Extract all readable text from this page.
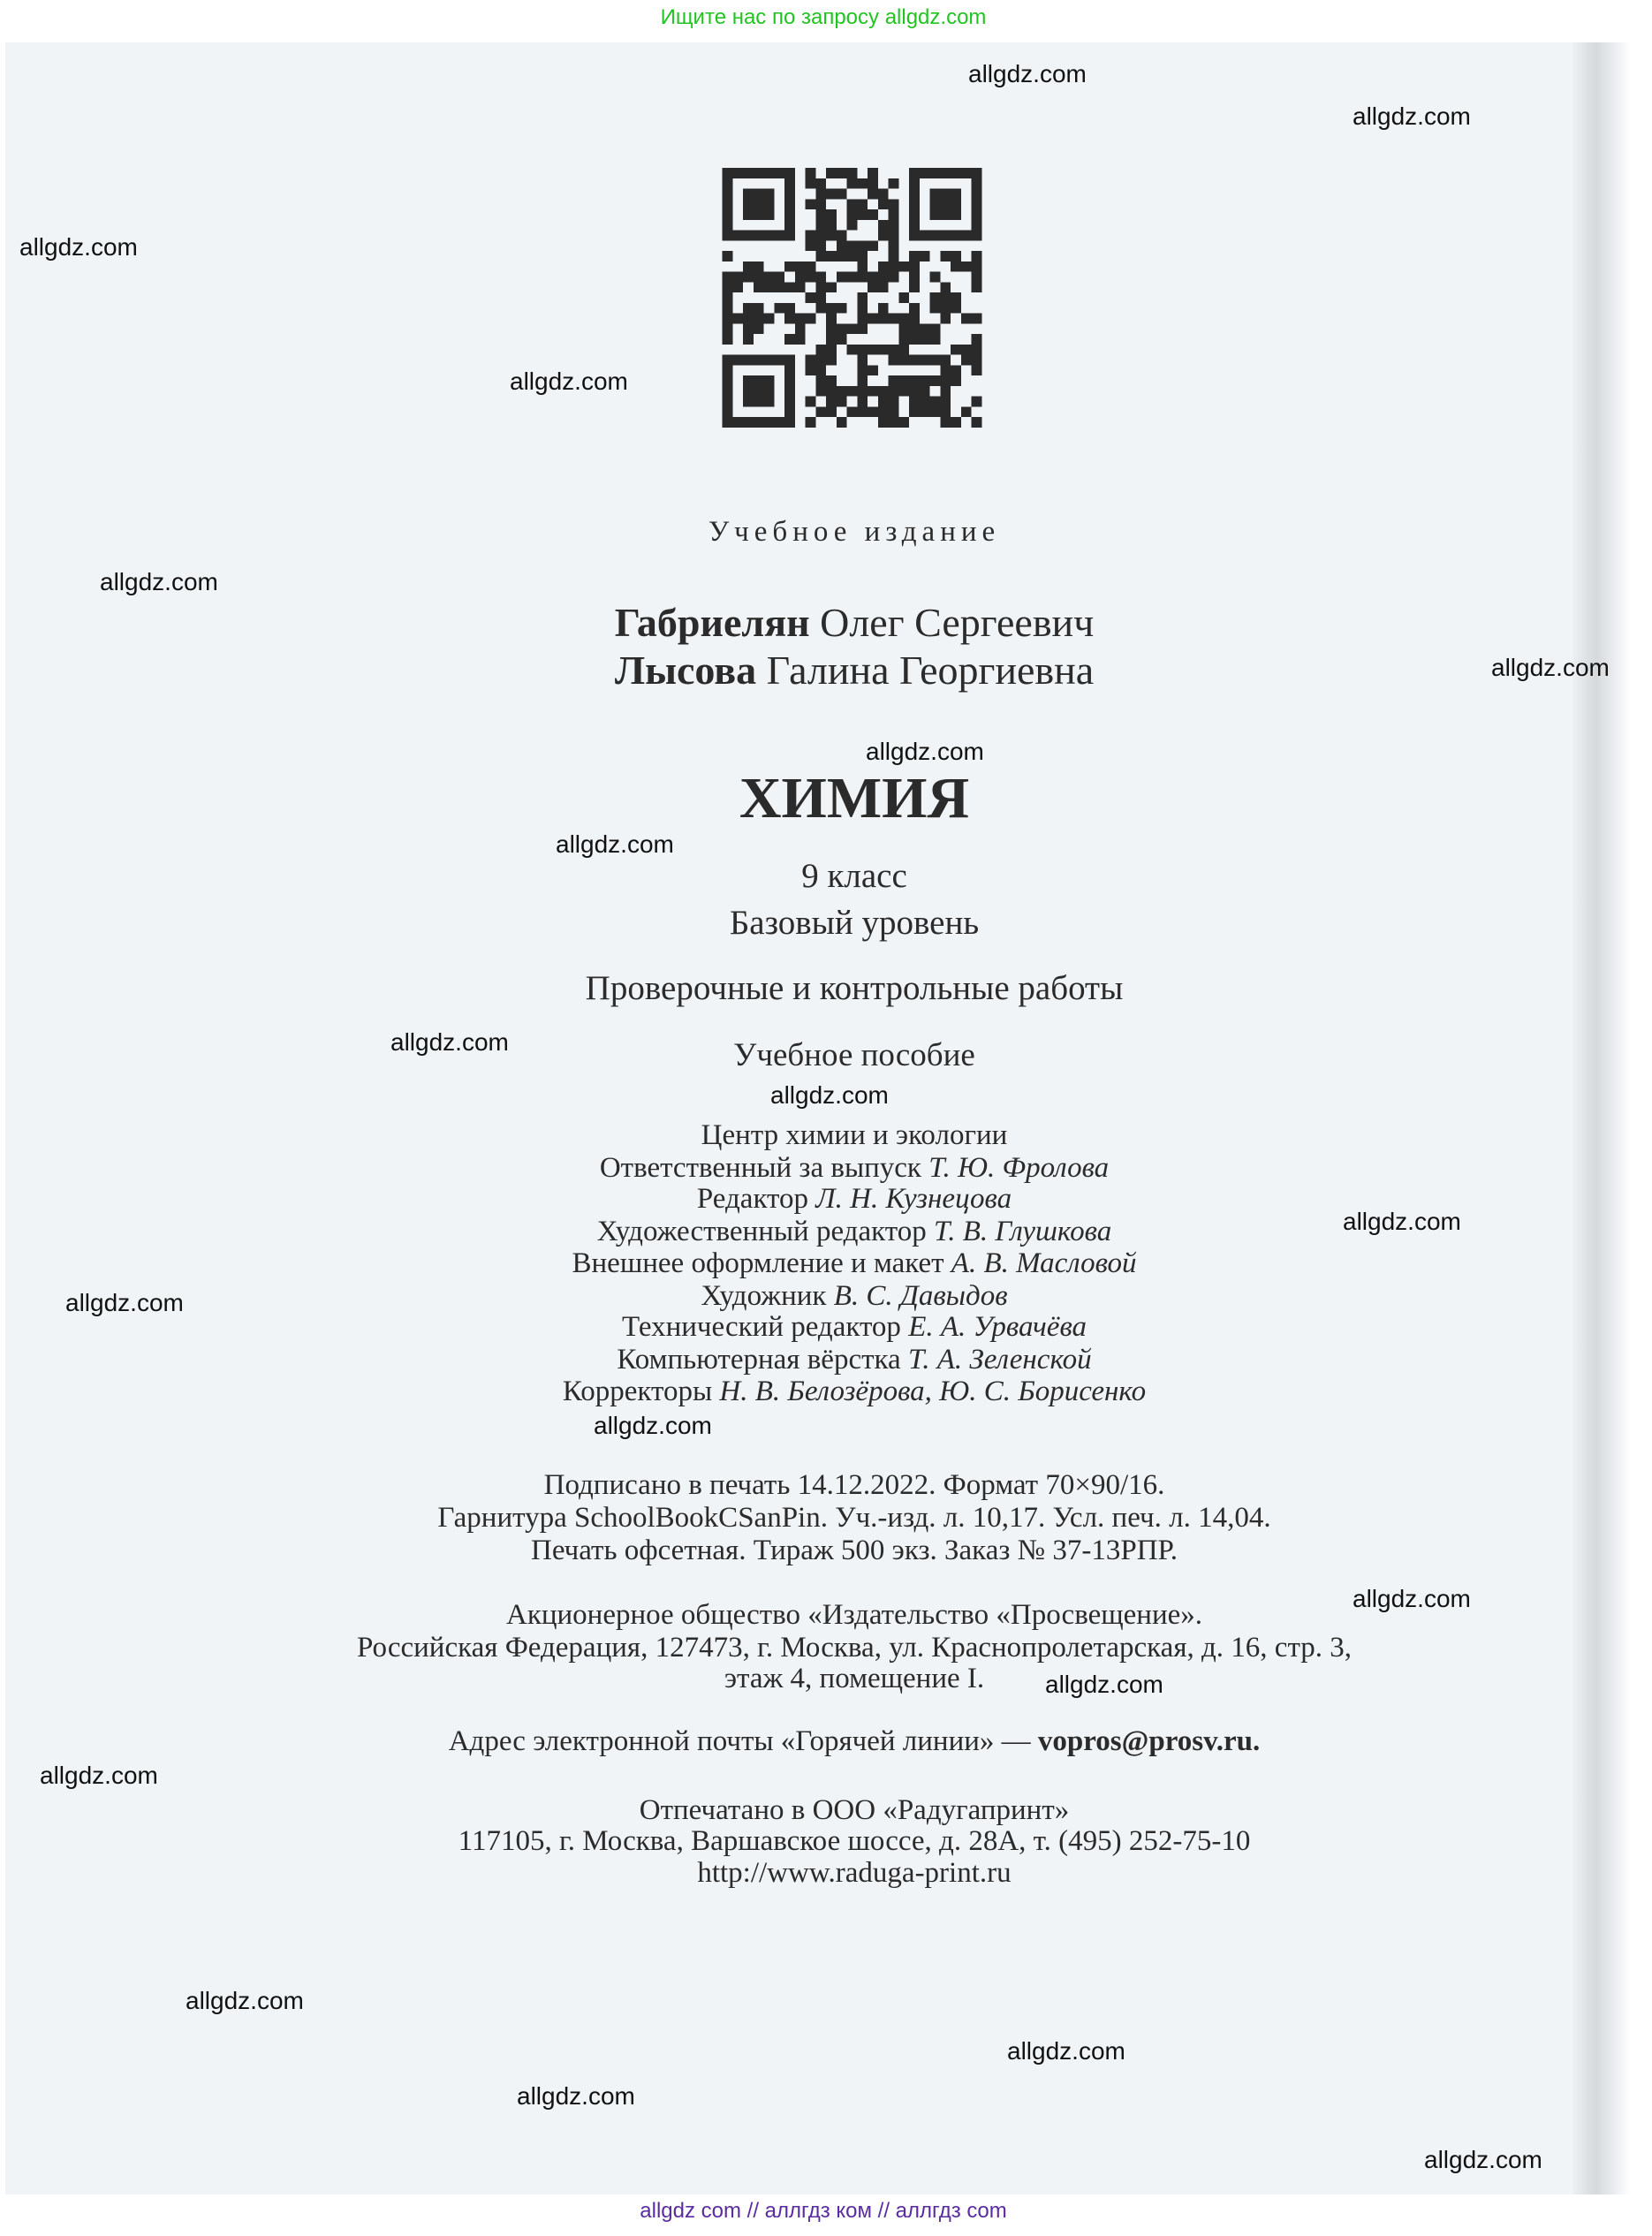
Ищите нас по запросу allgdz.com
Учебное издание
Габриелян Олег Сергеевич
Лысова Галина Георгиевна
ХИМИЯ
9 класс
Базовый уровень
Проверочные и контрольные работы
Учебное пособие
Центр химии и экологии
Ответственный за выпуск Т. Ю. Фролова
Редактор Л. Н. Кузнецова
Художественный редактор Т. В. Глушкова
Внешнее оформление и макет А. В. Масловой
Художник В. С. Давыдов
Технический редактор Е. А. Урвачёва
Компьютерная вёрстка Т. А. Зеленской
Корректоры Н. В. Белозёрова, Ю. С. Борисенко
Подписано в печать 14.12.2022. Формат 70×90/16.
Гарнитура SchoolBookCSanPin. Уч.-изд. л. 10,17. Усл. печ. л. 14,04.
Печать офсетная. Тираж 500 экз. Заказ № 37-13РПР.
Акционерное общество «Издательство «Просвещение».
Российская Федерация, 127473, г. Москва, ул. Краснопролетарская, д. 16, стр. 3,
этаж 4, помещение I.
Адрес электронной почты «Горячей линии» — vopros@prosv.ru.
Отпечатано в ООО «Радугапринт»
117105, г. Москва, Варшавское шоссе, д. 28А, т. (495) 252-75-10
http://www.raduga-print.ru
allgdz.com
allgdz.com
allgdz.com
allgdz.com
allgdz.com
allgdz.com
allgdz.com
allgdz.com
allgdz.com
allgdz.com
allgdz.com
allgdz.com
allgdz.com
allgdz.com
allgdz.com
allgdz.com
allgdz.com
allgdz.com
allgdz.com
allgdz.com
allgdz com // аллгдз ком // аллгдз com
